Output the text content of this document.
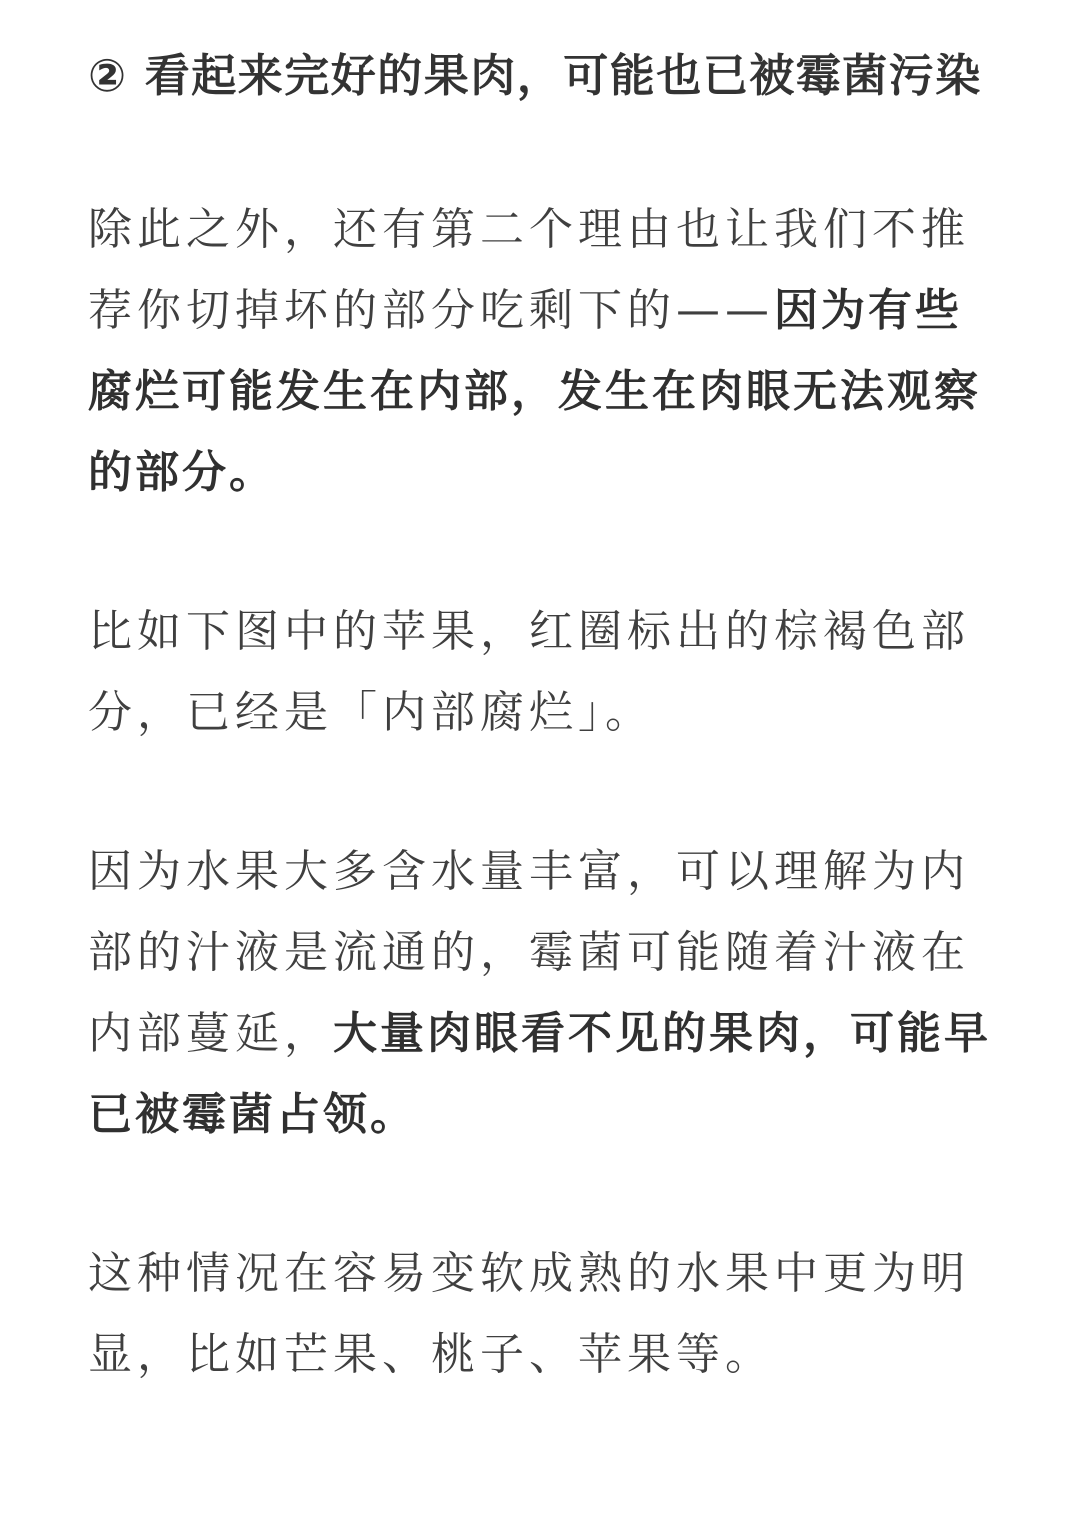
② 看起来完好的果肉，可能也已被霉菌污染

除此之外，还有第二个理由也让我们不推荐你切掉坏的部分吃剩下的——因为有些腐烂可能发生在内部，发生在肉眼无法观察的部分。

比如下图中的苹果，红圈标出的棕褐色部分，已经是「内部腐烂」。

因为水果大多含水量丰富，可以理解为内部的汁液是流通的，霉菌可能随着汁液在内部蔓延，大量肉眼看不见的果肉，可能早已被霉菌占领。

这种情况在容易变软成熟的水果中更为明显，比如芒果、桃子、苹果等。
